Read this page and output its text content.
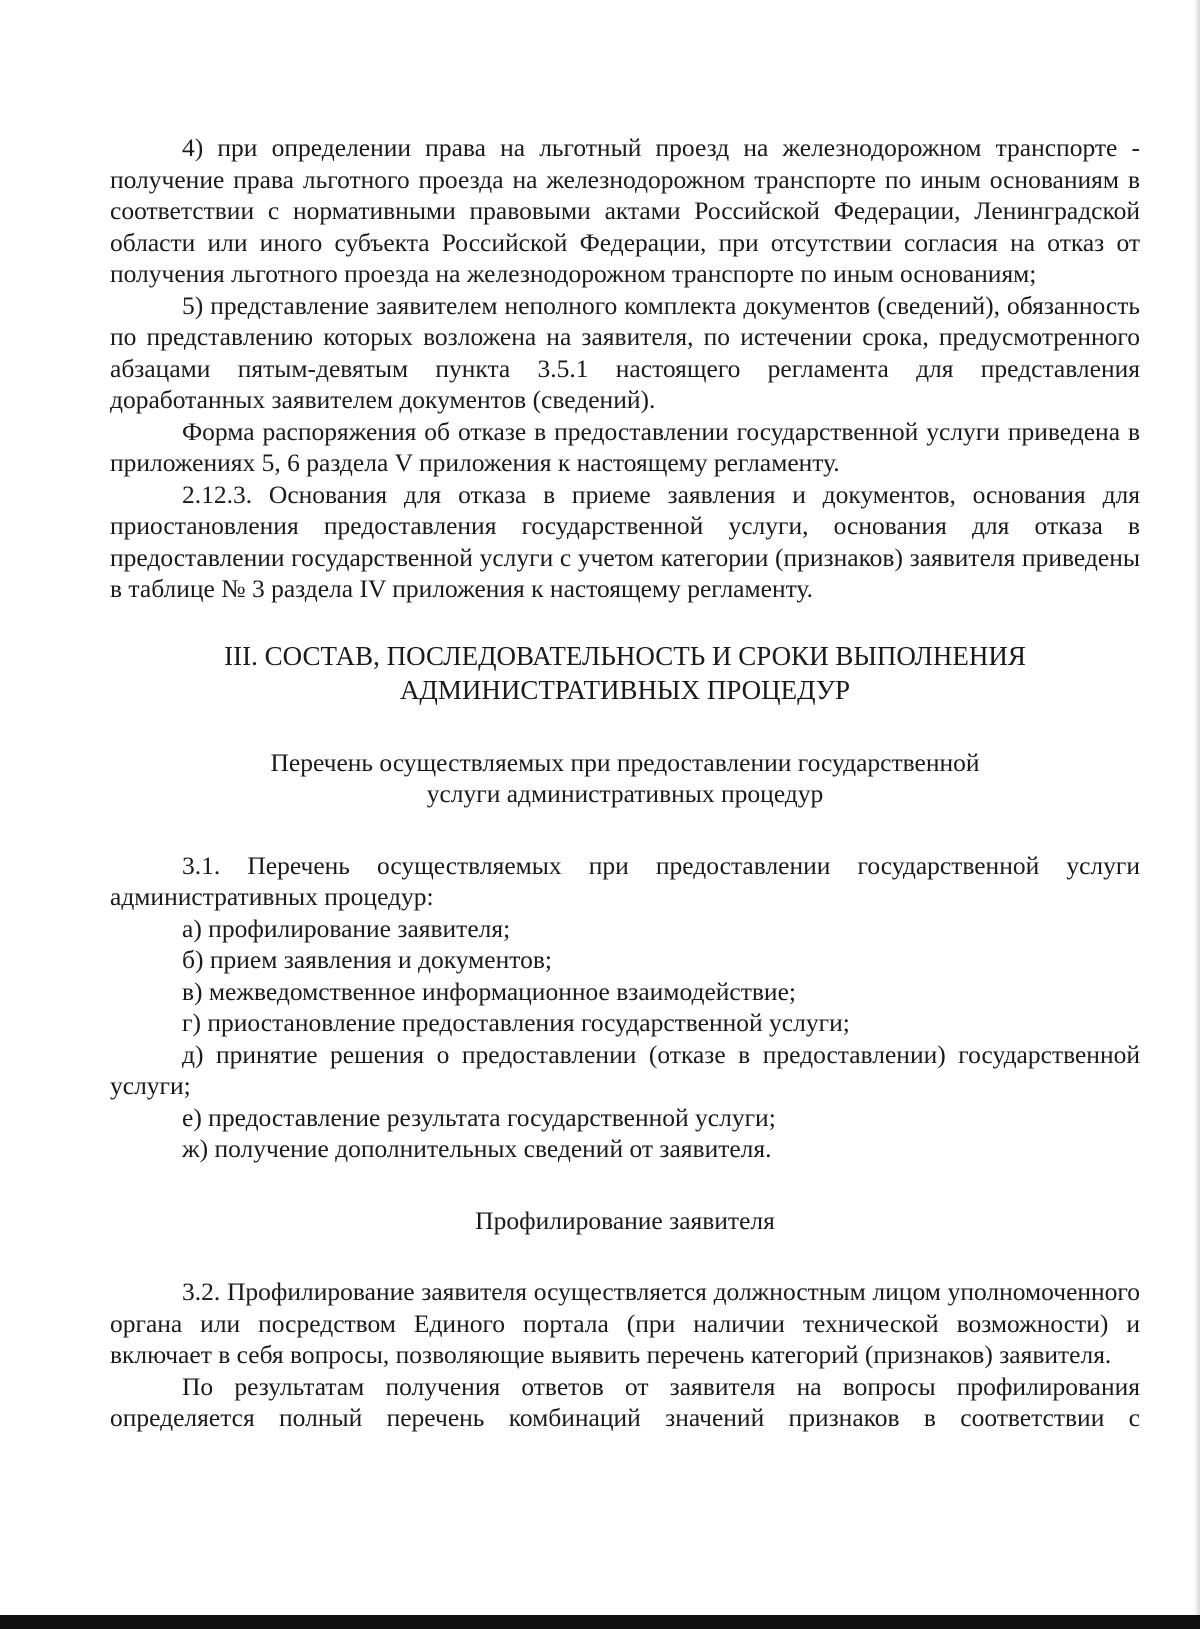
4) при определении права на льготный проезд на железнодорожном транспорте - получение права льготного проезда на железнодорожном транспорте по иным основаниям в соответствии с нормативными правовыми актами Российской Федерации, Ленинградской области или иного субъекта Российской Федерации, при отсутствии согласия на отказ от получения льготного проезда на железнодорожном транспорте по иным основаниям;

5) представление заявителем неполного комплекта документов (сведений), обязанность по представлению которых возложена на заявителя, по истечении срока, предусмотренного абзацами пятым-девятым пункта 3.5.1 настоящего регламента для представления доработанных заявителем документов (сведений).

Форма распоряжения об отказе в предоставлении государственной услуги приведена в приложениях 5, 6 раздела V приложения к настоящему регламенту.

2.12.3. Основания для отказа в приеме заявления и документов, основания для приостановления предоставления государственной услуги, основания для отказа в предоставлении государственной услуги с учетом категории (признаков) заявителя приведены в таблице № 3 раздела IV приложения к настоящему регламенту.

III. СОСТАВ, ПОСЛЕДОВАТЕЛЬНОСТЬ И СРОКИ ВЫПОЛНЕНИЯ

АДМИНИСТРАТИВНЫХ ПРОЦЕДУР

Перечень осуществляемых при предоставлении государственной

услуги административных процедур

3.1. Перечень осуществляемых при предоставлении государственной услуги административных процедур:

а) профилирование заявителя;

б) прием заявления и документов;

в) межведомственное информационное взаимодействие;

г) приостановление предоставления государственной услуги;

д) принятие решения о предоставлении (отказе в предоставлении) государственной услуги;

е) предоставление результата государственной услуги;

ж) получение дополнительных сведений от заявителя.

Профилирование заявителя

3.2. Профилирование заявителя осуществляется должностным лицом уполномоченного органа или посредством Единого портала (при наличии технической возможности) и включает в себя вопросы, позволяющие выявить перечень категорий (признаков) заявителя.

По результатам получения ответов от заявителя на вопросы профилирования определяется полный перечень комбинаций значений признаков в соответствии с
